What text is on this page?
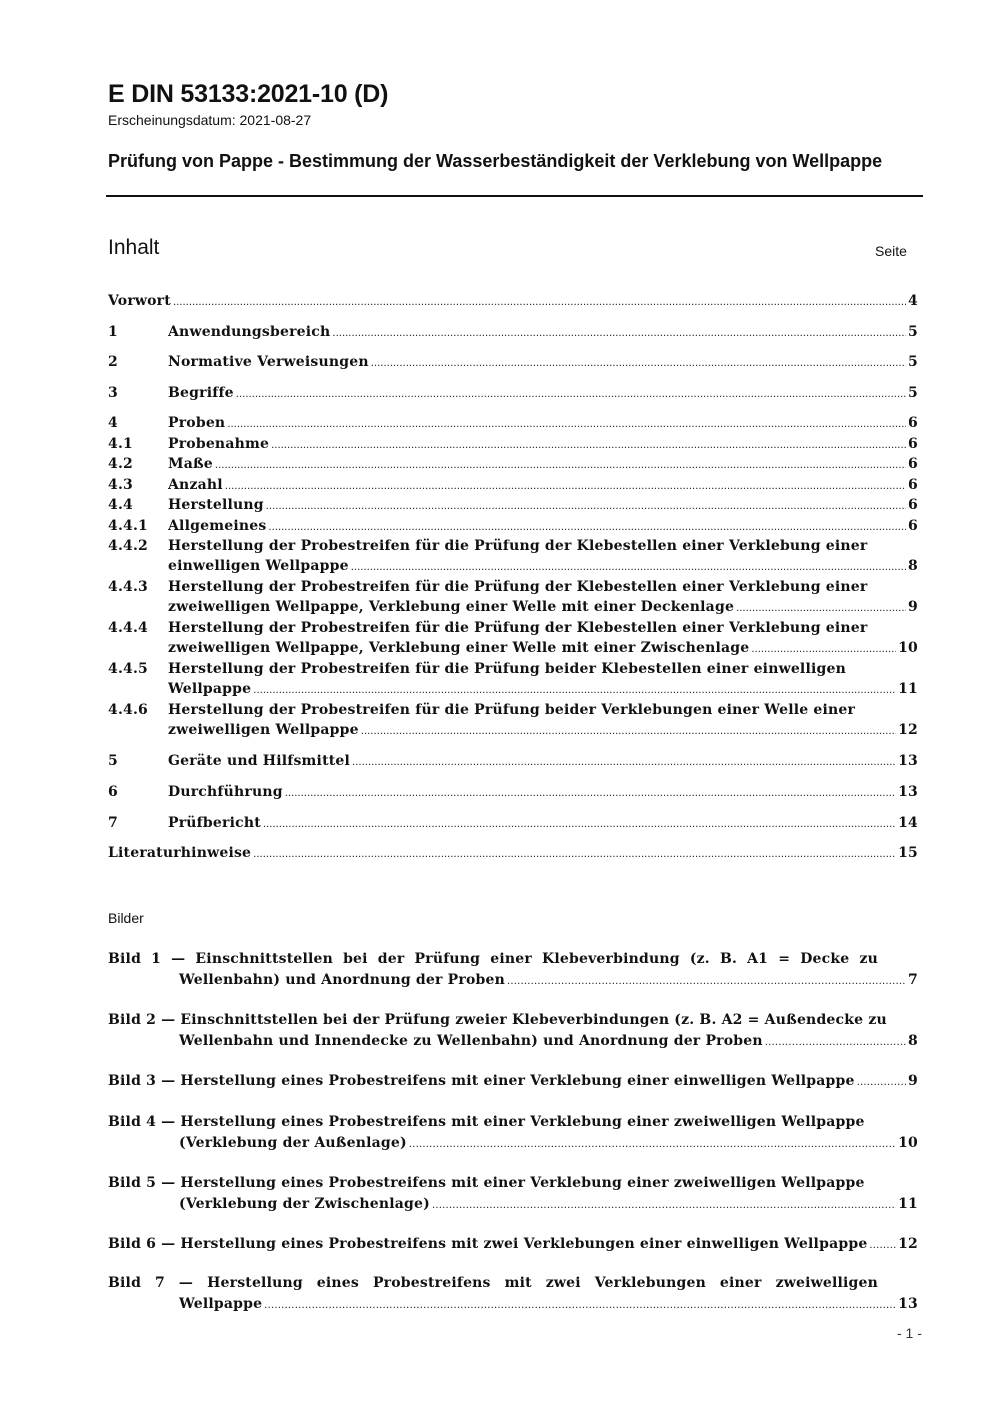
E DIN 53133:2021-10 (D)
Erscheinungsdatum: 2021-08-27
Prüfung von Pappe - Bestimmung der Wasserbeständigkeit der Verklebung von Wellpappe
Inhalt	Seite
Vorwort .....	4
1	Anwendungsbereich .....	5
2	Normative Verweisungen .....	5
3	Begriffe .....	5
4	Proben .....	6
4.1	Probenahme .....	6
4.2	Maße .....	6
4.3	Anzahl .....	6
4.4	Herstellung .....	6
4.4.1 Allgemeines .....	6
4.4.2 Herstellung der Probestreifen für die Prüfung der Klebestellen einer Verklebung einer
einwelligen Wellpappe .....	8
4.4.3 Herstellung der Probestreifen für die Prüfung der Klebestellen einer Verklebung einer
zweiwelligen Wellpappe, Verklebung einer Welle mit einer Deckenlage .....	9
4.4.4 Herstellung der Probestreifen für die Prüfung der Klebestellen einer Verklebung einer
zweiwelligen Wellpappe, Verklebung einer Welle mit einer Zwischenlage .....	10
4.4.5 Herstellung der Probestreifen für die Prüfung beider Klebestellen einer einwelligen
Wellpappe .....	11
4.4.6 Herstellung der Probestreifen für die Prüfung beider Verklebungen einer Welle einer
zweiwelligen Wellpappe .....	12
5	Geräte und Hilfsmittel .....	13
6	Durchführung .....	13
7	Prüfbericht .....	14
Literaturhinweise .....	15
Bilder
Bild 1 — Einschnittstellen bei der Prüfung einer Klebeverbindung (z. B. A1 = Decke zu
Wellenbahn) und Anordnung der Proben .....	7
Bild 2 — Einschnittstellen bei der Prüfung zweier Klebeverbindungen (z. B. A2 = Außendecke zu
Wellenbahn und Innendecke zu Wellenbahn) und Anordnung der Proben .....	8
Bild 3 — Herstellung eines Probestreifens mit einer Verklebung einer einwelligen Wellpappe .....	9
Bild 4 — Herstellung eines Probestreifens mit einer Verklebung einer zweiwelligen Wellpappe
(Verklebung der Außenlage) .....	10
Bild 5 — Herstellung eines Probestreifens mit einer Verklebung einer zweiwelligen Wellpappe
(Verklebung der Zwischenlage) .....	11
Bild 6 — Herstellung eines Probestreifens mit zwei Verklebungen einer einwelligen Wellpappe ..... 12
Bild 7 — Herstellung eines Probestreifens mit zwei Verklebungen einer zweiwelligen
Wellpappe .....	13
- 1 -
